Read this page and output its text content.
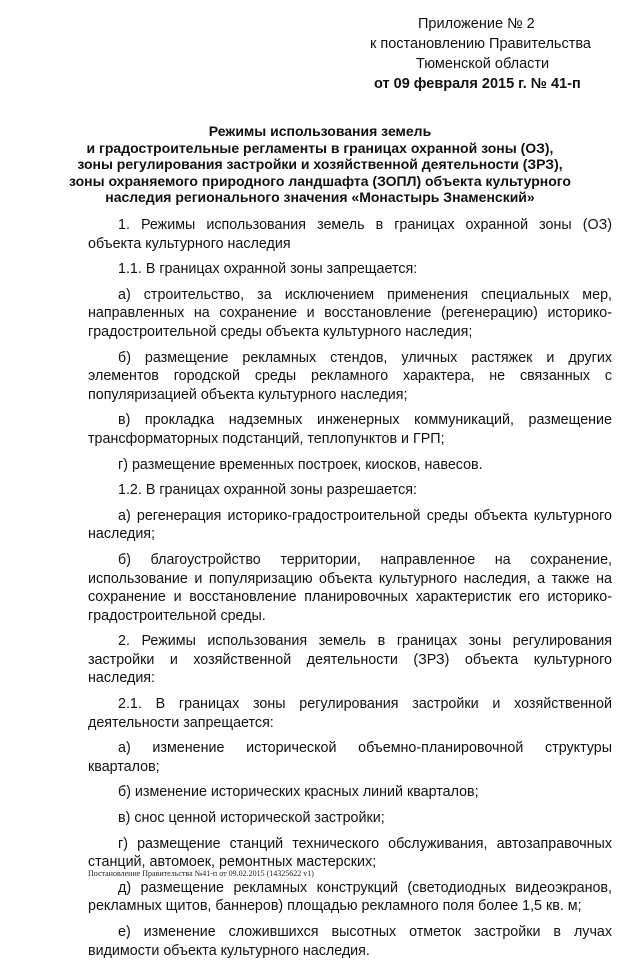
Приложение № 2
к постановлению Правительства
Тюменской области
от 09 февраля 2015 г. № 41-п
Режимы использования земель
и градостроительные регламенты в границах охранной зоны (ОЗ),
зоны регулирования застройки и хозяйственной деятельности (ЗРЗ),
зоны охраняемого природного ландшафта (ЗОПЛ) объекта культурного
наследия регионального значения «Монастырь Знаменский»

1. Режимы использования земель в границах охранной зоны (ОЗ) объекта культурного наследия

1.1. В границах охранной зоны запрещается:

а) строительство, за исключением применения специальных мер, направленных на сохранение и восстановление (регенерацию) историко-градостроительной среды объекта культурного наследия;

б) размещение рекламных стендов, уличных растяжек и других элементов городской среды рекламного характера, не связанных с популяризацией объекта культурного наследия;

в) прокладка надземных инженерных коммуникаций, размещение трансформаторных подстанций, теплопунктов и ГРП;

г) размещение временных построек, киосков, навесов.

1.2. В границах охранной зоны разрешается:

а) регенерация историко-градостроительной среды объекта культурного наследия;

б) благоустройство территории, направленное на сохранение, использование и популяризацию объекта культурного наследия, а также на сохранение и восстановление планировочных характеристик его историко-градостроительной среды.

2. Режимы использования земель в границах зоны регулирования застройки и хозяйственной деятельности (ЗРЗ) объекта культурного наследия:

2.1. В границах зоны регулирования застройки и хозяйственной деятельности запрещается:

а) изменение исторической объемно-планировочной структуры кварталов;

б) изменение исторических красных линий кварталов;

в) снос ценной исторической застройки;

г) размещение станций технического обслуживания, автозаправочных станций, автомоек, ремонтных мастерских;

д) размещение рекламных конструкций (светодиодных видеоэкранов, рекламных щитов, баннеров) площадью рекламного поля более 1,5 кв. м;

е) изменение сложившихся высотных отметок застройки в лучах видимости объекта культурного наследия.

Постановление Правительства №41-п от 09.02.2015 (14325622 v1)
